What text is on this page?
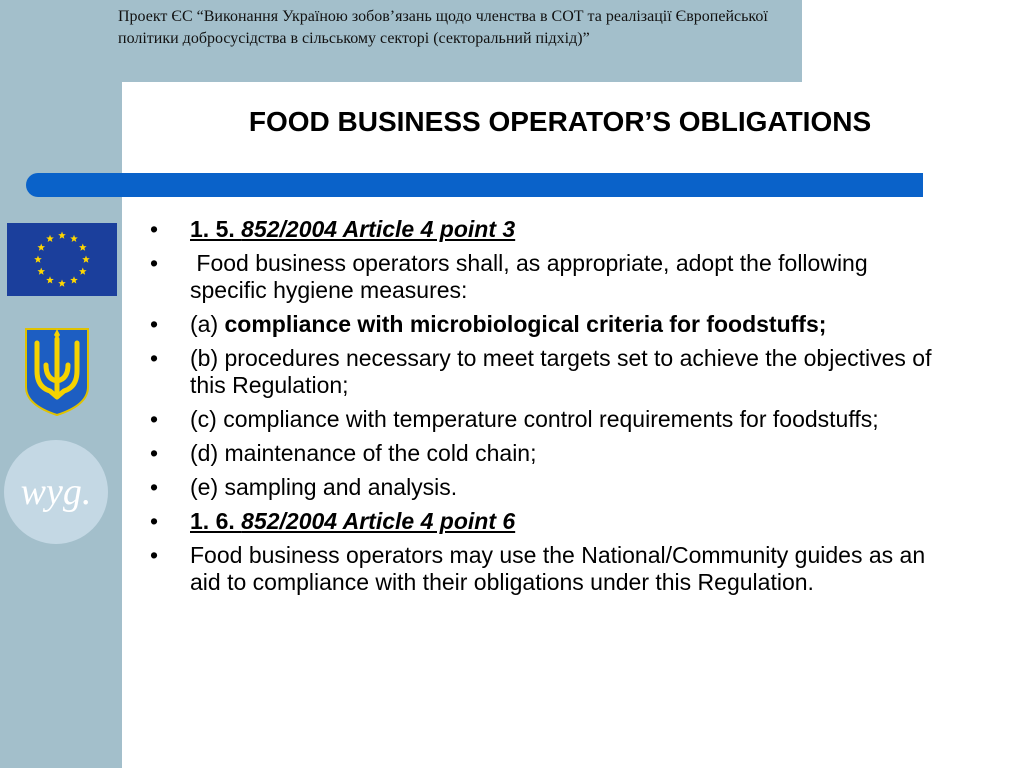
Проект ЄС “Виконання Україною зобов’язань щодо членства в СОТ та реалізації Європейської політики добросусідства в сільському секторі (секторальний підхід)”

FOOD BUSINESS OPERATOR’S OBLIGATIONS
wyg.
•	1. 5. 852/2004 Article 4 point 3
•	Food business operators shall, as appropriate, adopt the following specific hygiene measures:
•	(a) compliance with microbiological criteria for foodstuffs;
•	(b) procedures necessary to meet targets set to achieve the objectives of this Regulation;
•	(c) compliance with temperature control requirements for foodstuffs;
•	(d) maintenance of the cold chain;
•	(e) sampling and analysis.
•	1. 6. 852/2004 Article 4 point 6
•	Food business operators may use the National/Community guides as an aid to compliance with their obligations under this Regulation.
